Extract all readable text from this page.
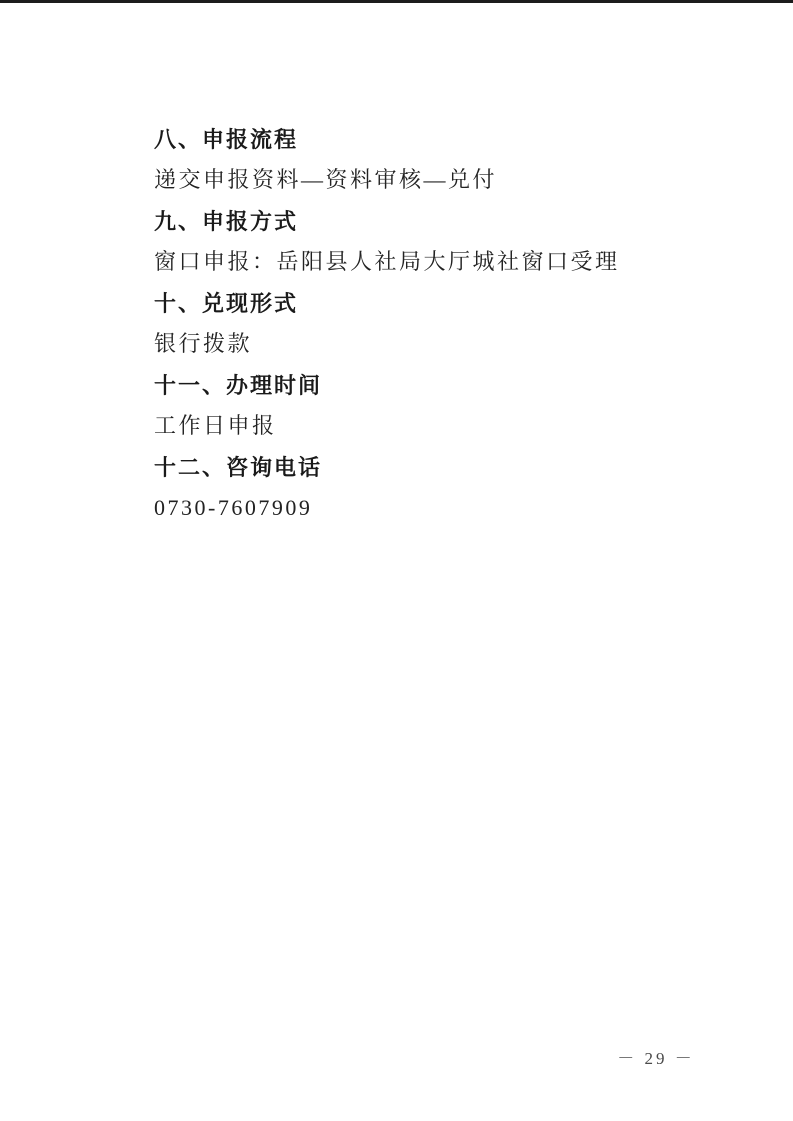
八、申报流程

递交申报资料—资料审核—兑付

九、申报方式

窗口申报：岳阳县人社局大厅城社窗口受理

十、兑现形式

银行拨款

十一、办理时间

工作日申报

十二、咨询电话

0730-7607909

－ 29 －
